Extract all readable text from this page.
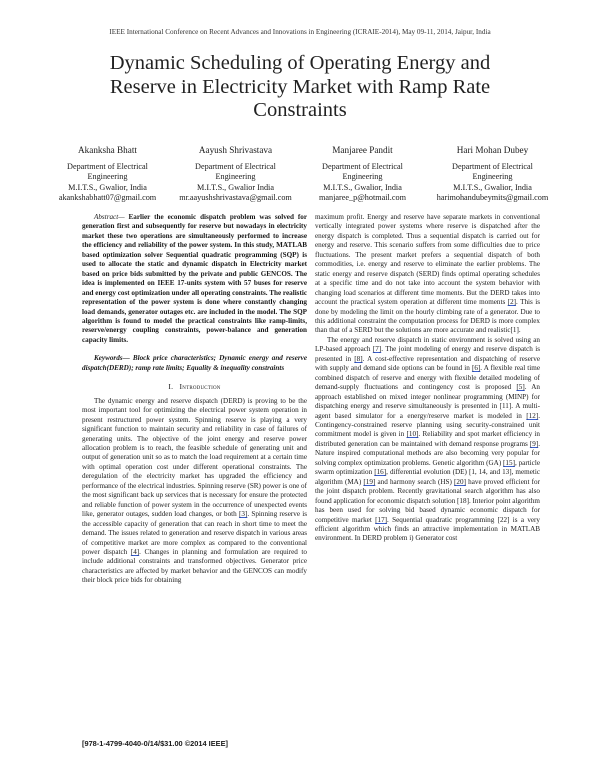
IEEE International Conference on Recent Advances and Innovations in Engineering (ICRAIE-2014), May 09-11, 2014, Jaipur, India
Dynamic Scheduling of Operating Energy and
Reserve in Electricity Market with Ramp Rate
Constraints
Akanksha Bhatt
Department of Electrical
Engineering
M.I.T.S., Gwalior, India
akankshabhatt07@gmail.com
Aayush Shrivastava
Department of Electrical
Engineering
M.I.T.S., Gwalior India
mr.aayushshrivastava@gmail.com
Manjaree Pandit
Department of Electrical
Engineering
M.I.T.S., Gwalior, India
manjaree_p@hotmail.com
Hari Mohan Dubey
Department of Electrical
Engineering
M.I.T.S., Gwalior, India
harimohandubeymits@gmail.com

Abstract— Earlier the economic dispatch problem was solved for generation first and subsequently for reserve but nowadays in electricity market these two operations are simultaneously performed to increase the efficiency and reliability of the power system. In this study, MATLAB based optimization solver Sequential quadratic programming (SQP) is used to allocate the static and dynamic dispatch in Electricity market based on price bids submitted by the private and public GENCOS. The idea is implemented on IEEE 17-units system with 57 buses for reserve and energy cost optimization under all operating constraints. The realistic representation of the power system is done where constantly changing load demands, generator outages etc. are included in the model. The SQP algorithm is found to model the practical constraints like ramp-limits, reserve/energy coupling constraints, power-balance and generation capacity limits.

Keywords— Block price characteristics; Dynamic energy and reserve dispatch(DERD); ramp rate limits; Equality & inequality constraints

I. Introduction

The dynamic energy and reserve dispatch (DERD) is proving to be the most important tool for optimizing the electrical power system operation in present restructured power system. Spinning reserve is playing a very significant function to maintain security and reliability in case of failures of generating units. The objective of the joint energy and reserve power allocation problem is to reach, the feasible schedule of generating unit and output of generation unit so as to match the load requirement at a certain time with optimal operation cost under different operational constraints. The deregulation of the electricity market has upgraded the efficiency and performance of the electrical industries. Spinning reserve (SR) power is one of the most significant back up services that is necessary for ensure the protected and reliable function of power system in the occurrence of unexpected events like, generator outages, sudden load changes, or both [3]. Spinning reserve is the accessible capacity of generation that can reach in short time to meet the demand. The issues related to generation and reserve dispatch in various areas of competitive market are more complex as compared to the conventional power dispatch [4]. Changes in planning and formulation are required to include additional constraints and transformed objectives. Generator price characteristics are affected by market behavior and the GENCOS can modify their block price bids for obtaining

maximum profit. Energy and reserve have separate markets in conventional vertically integrated power systems where reserve is dispatched after the energy dispatch is completed. Thus a sequential dispatch is carried out for energy and reserve. This scenario suffers from some difficulties due to price fluctuations. The present market prefers a sequential dispatch of both commodities, i.e. energy and reserve to eliminate the earlier problems. The static energy and reserve dispatch (SERD) finds optimal operating schedules at a specific time and do not take into account the system behavior with changing load scenarios at different time moments. But the DERD takes into account the practical system operation at different time moments [2]. This is done by modeling the limit on the hourly climbing rate of a generator. Due to this additional constraint the computation process for DERD is more complex than that of a SERD but the solutions are more accurate and realistic[1].

The energy and reserve dispatch in static environment is solved using an LP-based approach [7]. The joint modeling of energy and reserve dispatch is presented in [8]. A cost-effective representation and dispatching of reserve with supply and demand side options can be found in [6]. A flexible real time combined dispatch of reserve and energy with flexible detailed modeling of demand-supply fluctuations and contingency cost is proposed [5]. An approach established on mixed integer nonlinear programming (MINP) for dispatching energy and reserve simultaneously is presented in [11]. A multi-agent based simulator for a energy/reserve market is modeled in [12]. Contingency-constrained reserve planning using security-constrained unit commitment model is given in [10]. Reliability and spot market efficiency in distributed generation can be maintained with demand response programs [9]. Nature inspired computational methods are also becoming very popular for solving complex optimization problems. Genetic algorithm (GA) [15], particle swarm optimization [16], differential evolution (DE) [1, 14, and 13], memetic algorithm (MA) [19] and harmony search (HS) [20] have proved efficient for the joint dispatch problem. Recently gravitational search algorithm has also found application for economic dispatch solution [18]. Interior point algorithm has been used for solving bid based dynamic economic dispatch for competitive market [17]. Sequential quadratic programming [22] is a very efficient algorithm which finds an attractive implementation in MATLAB environment. In DERD problem i) Generator cost

[978-1-4799-4040-0/14/$31.00 ©2014 IEEE]
